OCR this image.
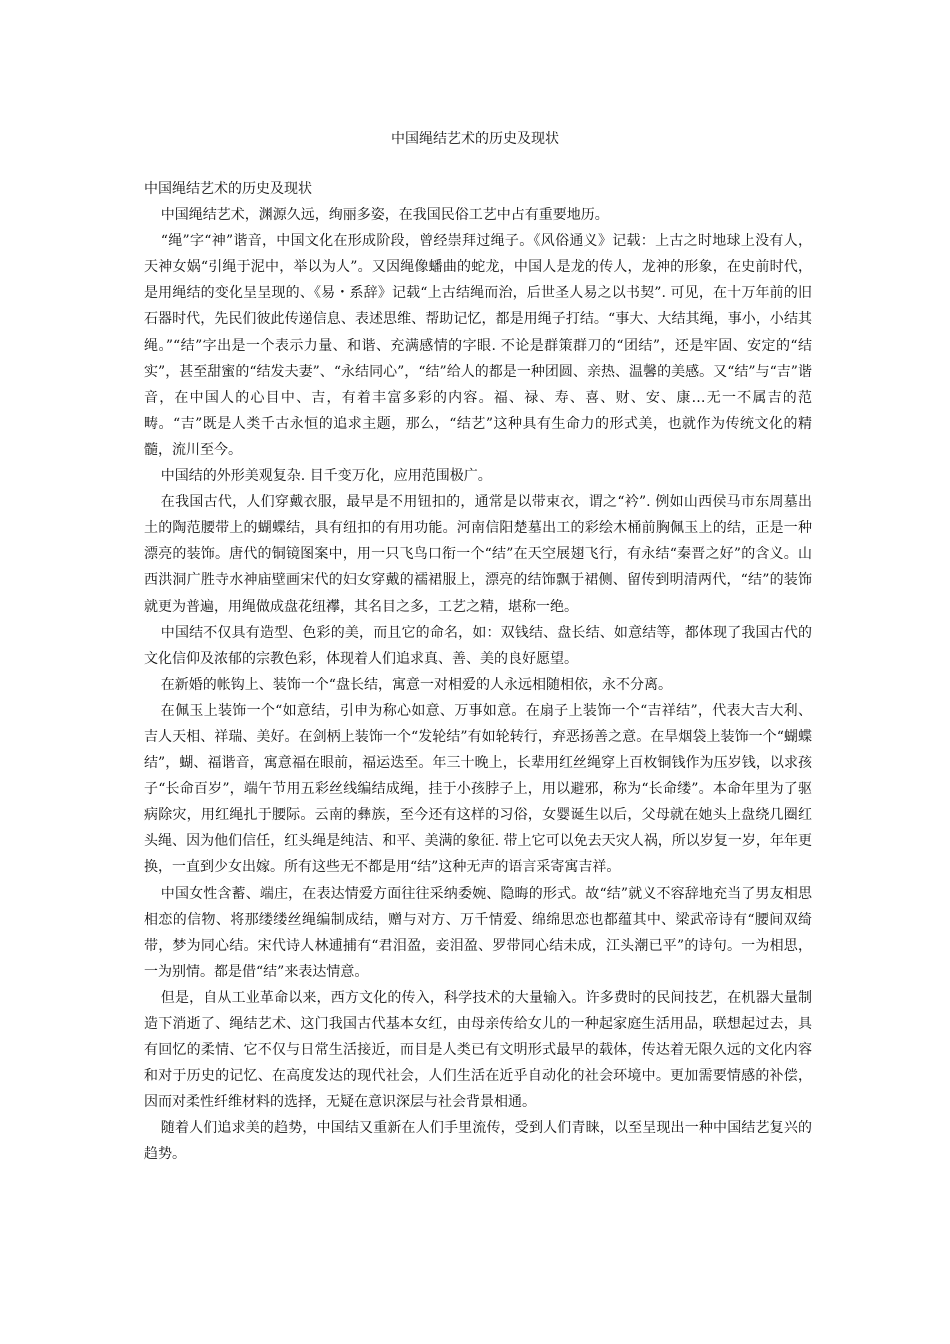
中国绳结艺术的历史及现状

中国绳结艺术的历史及现状

中国绳结艺术，渊源久远，绚丽多姿，在我国民俗工艺中占有重要地历。

“绳”字“神”谐音，中国文化在形成阶段，曾经崇拜过绳子。《风俗通义》记载：上古之时地球上没有人，天神女娲“引绳于泥中，举以为人”。又因绳像蟠曲的蛇龙，中国人是龙的传人，龙神的形象，在史前时代，是用绳结的变化呈呈现的、《易・系辞》记载“上古结绳而治，后世圣人易之以书契”. 可见，在十万年前的旧石器时代，先民们彼此传递信息、表述思维、帮助记忆，都是用绳子打结。“事大、大结其绳，事小，小结其绳。”“结”字出是一个表示力量、和谐、充满感情的字眼. 不论是群策群刀的“团结”，还是牢固、安定的“结实”，甚至甜蜜的“结发夫妻”、“永结同心”，“结”给人的都是一种团圆、亲热、温馨的美感。又“结”与“吉”谐音，在中国人的心目中、吉，有着丰富多彩的内容。福、禄、寿、喜、财、安、康…无一不属吉的范畴。“吉”既是人类千古永恒的追求主题，那么，“结艺”这种具有生命力的形式美，也就作为传统文化的精髓，流川至今。

中国结的外形美观复杂. 目千变万化，应用范围极广。

在我国古代，人们穿戴衣服，最早是不用钮扣的，通常是以带束衣，谓之“衿”. 例如山西侯马市东周墓出土的陶范腰带上的蝴蝶结，具有纽扣的有用功能。河南信阳楚墓出工的彩绘木桶前胸佩玉上的结，正是一种漂亮的装饰。唐代的铜镜图案中，用一只飞鸟口衔一个“结”在天空展翅飞行，有永结“秦晋之好”的含义。山西洪洞广胜寺水神庙壁画宋代的妇女穿戴的襦裙服上，漂亮的结饰飘于裙侧、留传到明清两代，“结”的装饰就更为普遍，用绳做成盘花纽襻，其名目之多，工艺之精，堪称一绝。

中国结不仅具有造型、色彩的美，而且它的命名，如：双钱结、盘长结、如意结等，都体现了我国古代的文化信仰及浓郁的宗教色彩，体现着人们追求真、善、美的良好愿望。

在新婚的帐钩上、装饰一个“盘长结，寓意一对相爱的人永远相随相依，永不分离。

在佩玉上装饰一个“如意结，引申为称心如意、万事如意。在扇子上装饰一个“吉祥结”，代表大吉大利、吉人天相、祥瑞、美好。在剑柄上装饰一个“发轮结”有如轮转行，弃恶扬善之意。在旱烟袋上装饰一个“蝴蝶结”，蝴、福谐音，寓意福在眼前，福运迭至。年三十晚上，长辈用红丝绳穿上百枚铜钱作为压岁钱，以求孩子“长命百岁”，端午节用五彩丝线编结成绳，挂于小孩脖子上，用以避邪，称为“长命缕”。本命年里为了驱病除灾，用红绳扎于腰际。云南的彝族，至今还有这样的习俗，女婴诞生以后，父母就在她头上盘绕几圈红头绳、因为他们信任，红头绳是纯洁、和平、美满的象征. 带上它可以免去天灾人祸，所以岁复一岁，年年更换，一直到少女出嫁。所有这些无不都是用“结”这种无声的语言采寄寓吉祥。

中国女性含蓄、端庄，在表达情爱方面往往采纳委婉、隐晦的形式。故“结”就义不容辞地充当了男友相思相恋的信物、将那缕缕丝绳编制成结，赠与对方、万千情爱、绵绵思恋也都蕴其中、梁武帝诗有“腰间双绮带，梦为同心结。宋代诗人林逋捕有“君泪盈，妾泪盈、罗带同心结未成，江头潮已平”的诗句。一为相思，一为别情。都是借“结”来表达情意。

但是，自从工业革命以来，西方文化的传入，科学技术的大量输入。许多费时的民间技艺，在机器大量制造下消逝了、绳结艺术、这门我国古代基本女红，由母亲传给女儿的一种起家庭生活用品，联想起过去，具有回忆的柔情、它不仅与日常生活接近，而目是人类已有文明形式最早的载体，传达着无限久远的文化内容和对于历史的记忆、在高度发达的现代社会，人们生活在近乎自动化的社会环境中。更加需要情感的补偿，因而对柔性纤维材料的选择，无疑在意识深层与社会背景相通。

随着人们追求美的趋势，中国结又重新在人们手里流传，受到人们青睐，以至呈现出一种中国结艺复兴的趋势。
